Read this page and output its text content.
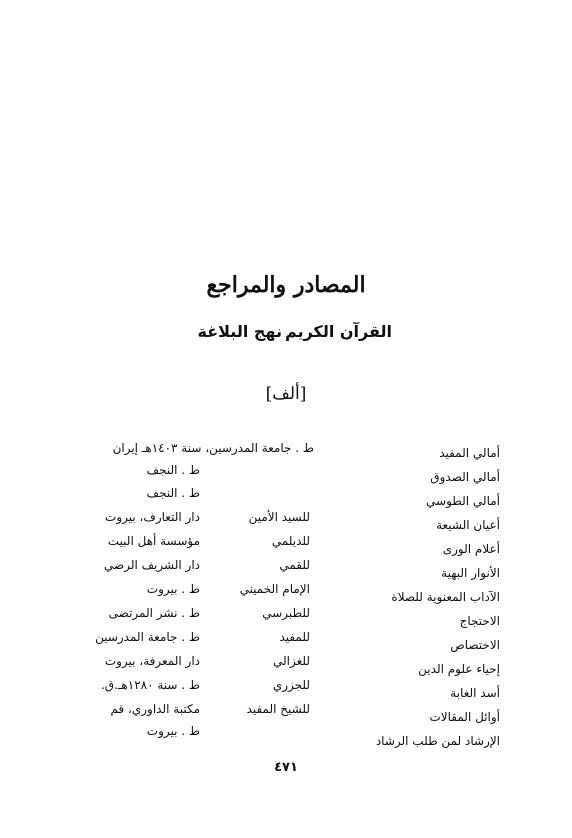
المصادر والمراجع
القرآن الكريم
نهج البلاغة
[ألف]
أمالي المفيد
ط . جامعة المدرسين، سنة ١٤٠٣هـ إيران
أمالي الصدوق
ط . النجف
أمالي الطوسي
ط . النجف
أعيان الشيعة
للسيد الأمين
دار التعارف، بيروت
أعلام الورى
للديلمي
مؤسسة أهل البيت
الأنوار البهية
للقمي
دار الشريف الرضي
الآداب المعنوية للصلاة
الإمام الخميني
ط . بيروت
الاحتجاج
للطبرسي
ط . نشر المرتضى
الاختصاص
للمفيد
ط . جامعة المدرسين
إحياء علوم الدين
للغزالي
دار المعرفة، بيروت
أسد الغابة
للجزري
ط . سنة ١٢٨٠هـ.ق.
أوائل المقالات
للشيخ المفيد
مكتبة الداوري، قم
الإرشاد لمن طلب الرشاد
ط . بيروت
٤٧١
